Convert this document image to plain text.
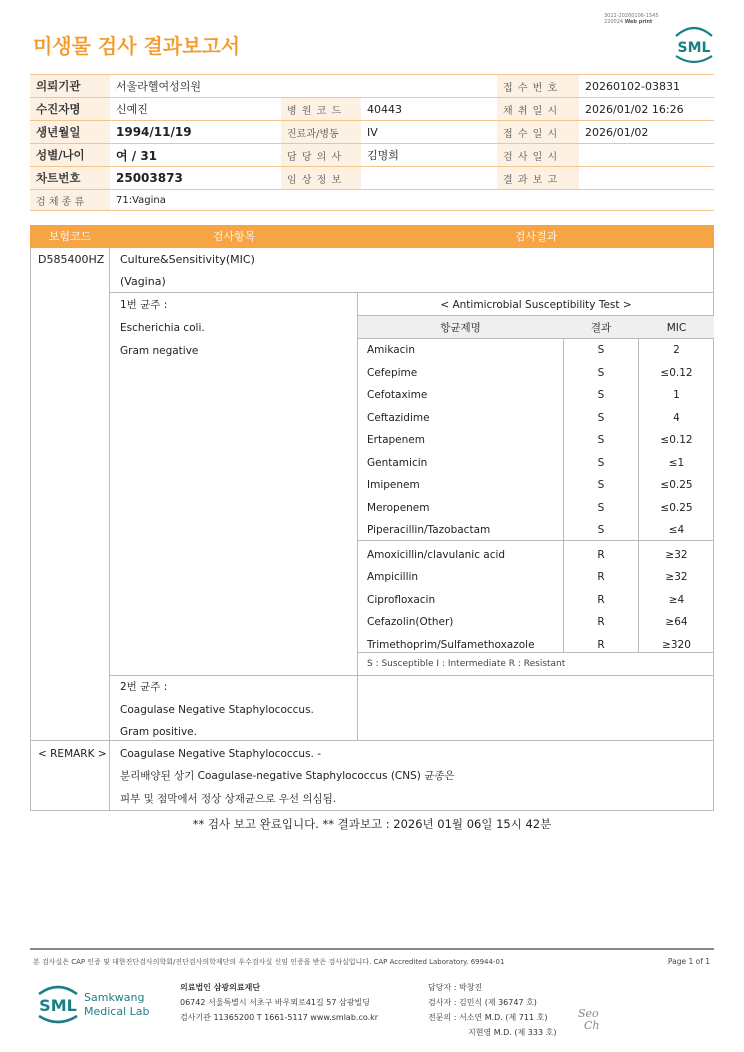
3022-20260106-1545
220024 Web print
미생물 검사 결과보고서	SML
의뢰기관	서울라헬여성의원			접 수 번 호	20260102-03831
수진자명	신예진	병 원 코 드	40443	채 취 일 시	2026/01/02 16:26
생년월일	1994/11/19	진료과/병동	IV	접 수 일 시	2026/01/02
성별/나이	여 / 31	담 당 의 사	김명희	검 사 일 시	
차트번호	25003873	임 상 정 보		결 과 보 고	
검 체 종 류	71:Vagina				
보험코드	검사항목	검사결과
D585400HZ Culture&Sensitivity(MIC)
(Vagina)
1번 균주 :
Escherichia coli.
Gram negative
< Antimicrobial Susceptibility Test >
항균제명	결과	MIC
Amikacin	S	2
Cefepime	S	≤0.12
Cefotaxime	S	1
Ceftazidime	S	4
Ertapenem	S	≤0.12
Gentamicin	S	≤1
Imipenem	S	≤0.25
Meropenem	S	≤0.25
Piperacillin/Tazobactam	S	≤4
Amoxicillin/clavulanic acid	R	≥32
Ampicillin	R	≥32
Ciprofloxacin	R	≥4
Cefazolin(Other)	R	≥64
Trimethoprim/Sulfamethoxazole	R	≥320
S : Susceptible I : Intermediate R : Resistant
2번 균주 :
Coagulase Negative Staphylococcus.
Gram positive.
< REMARK > Coagulase Negative Staphylococcus. -
분리배양된 상기 Coagulase-negative Staphylococcus (CNS) 균종은
피부 및 점막에서 정상 상재균으로 우선 의심됨.
** 검사 보고 완료입니다. ** 결과보고 : 2026년 01월 06일 15시 42분
본 검사실은 CAP 인증 및 대한진단검사의학회/진단검사의학재단의 우수검사실 신임 인증을 받은 검사실입니다. CAP Accredited Laboratory. 69944-01	Page 1 of 1
SML Samkwang
Medical Lab
의료법인 삼광의료재단
06742 서울특별시 서초구 바우뫼로41길 57 삼광빌딩
검사기관 11365200 T 1661-5117 www.smlab.co.kr
담당자 : 박창진
검사자 : 김민식 (제 36747 호)
전문의 : 서소연 M.D. (제 711 호)
지현영 M.D. (제 333 호)
Seo
Ch
